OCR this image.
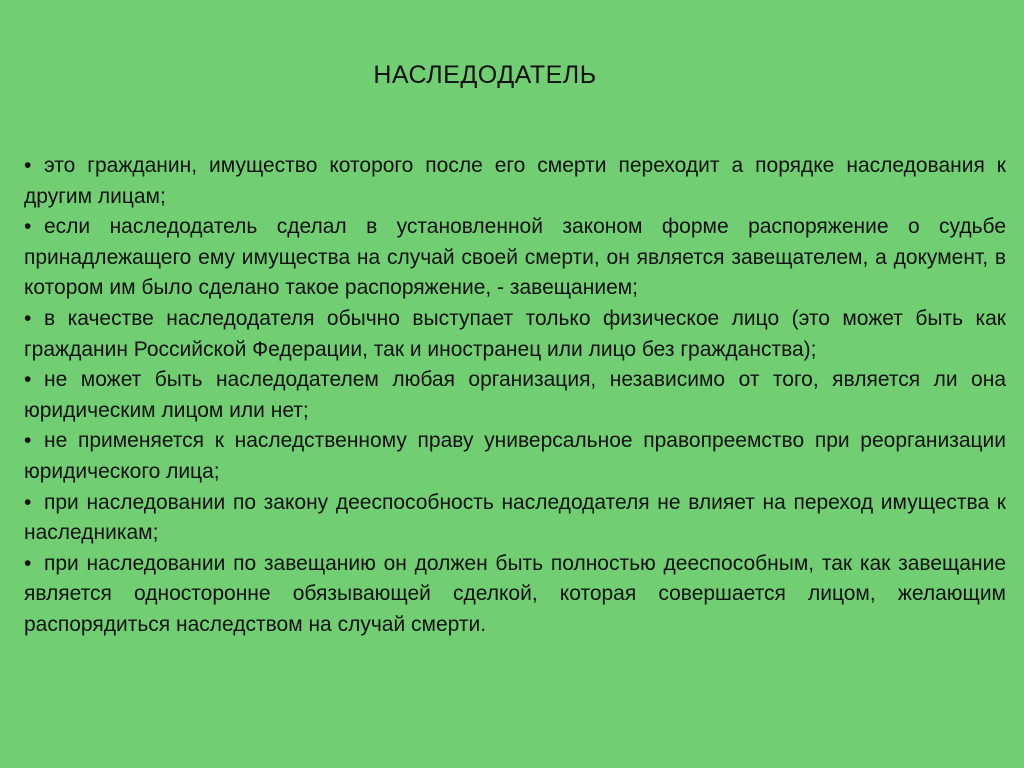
НАСЛЕДОДАТЕЛЬ
• это гражданин, имущество которого после его смерти переходит а порядке наследования к другим лицам;
• если наследодатель сделал в установленной законом форме распоряжение о судьбе принадлежащего ему имущества на случай своей смерти, он является завещателем, а документ, в котором им было сделано такое распоряжение, - завещанием;
• в качестве наследодателя обычно выступает только физическое лицо (это может быть как гражданин Российской Федерации, так и иностранец или лицо без гражданства);
• не может быть наследодателем любая организация, независимо от того, является ли она юридическим лицом или нет;
• не применяется к наследственному праву универсальное правопреемство при реорганизации юридического лица;
• при наследовании по закону дееспособность наследодателя не влияет на переход имущества к наследникам;
• при наследовании по завещанию он должен быть полностью дееспособным, так как завещание является односторонне обязывающей сделкой, которая совершается лицом, желающим распорядиться наследством на случай смерти.
